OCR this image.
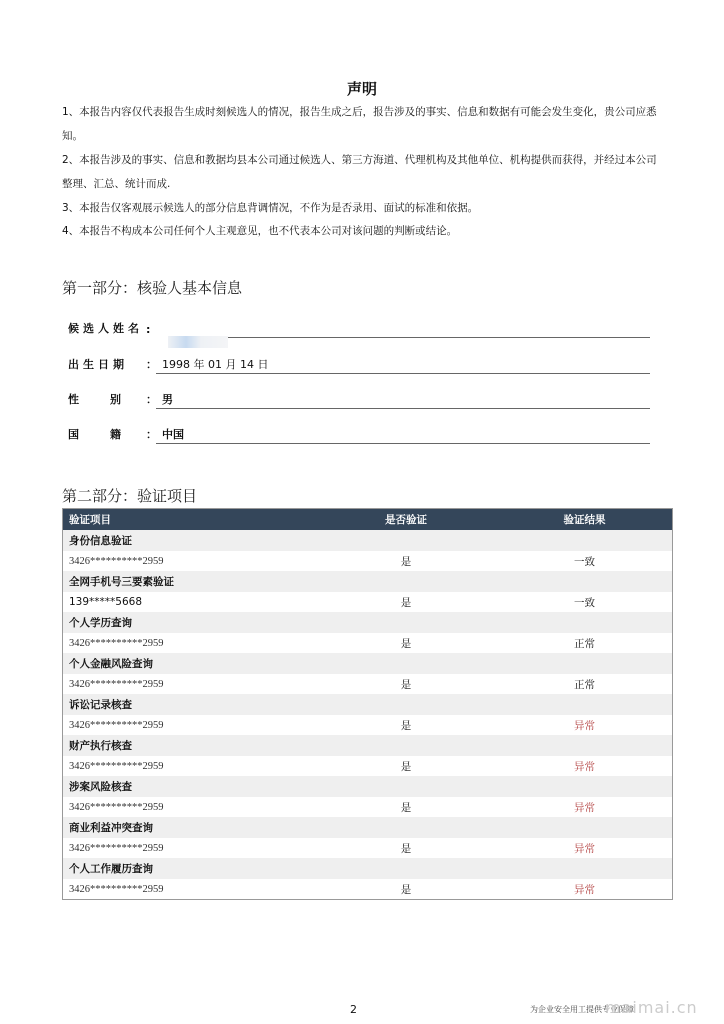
声明
1、本报告内容仅代表报告生成时刻候选人的情况，报告生成之后，报告涉及的事实、信息和数据有可能会发生变化，贵公司应悉知。
2、本报告涉及的事实、信息和教据均县本公司通过候选人、第三方海道、代理机构及其他单位、机构提供而获得，并经过本公司整理、汇总、统计而成.
3、本报告仅客观展示候选人的部分信息背调情况，不作为是否录用、面试的标准和依据。
4、本报告不构成本公司任何个人主观意见，也不代表本公司对该问题的判断或结论。
第一部分：核验人基本信息
候选人姓名 :
出生日期 ： 1998 年 01 月 14 日
性　别 ： 男
国　籍 ： 中国
第二部分：验证项目
验证项目	是否验证	验证结果
身份信息验证		
3426**********2959	是	一致
全网手机号三要素验证		
139*****5668	是	一致
个人学历查询		
3426**********2959	是	正常
个人金融风险查询		
3426**********2959	是	正常
诉讼记录核查		
3426**********2959	是	异常
财产执行核查		
3426**********2959	是	异常
涉案风险核查		
3426**********2959	是	异常
商业利益冲突查询		
3426**********2959	是	异常
个人工作履历查询		
3426**********2959	是	异常
2	为企业安全用工提供专业保障
maimai.cn
